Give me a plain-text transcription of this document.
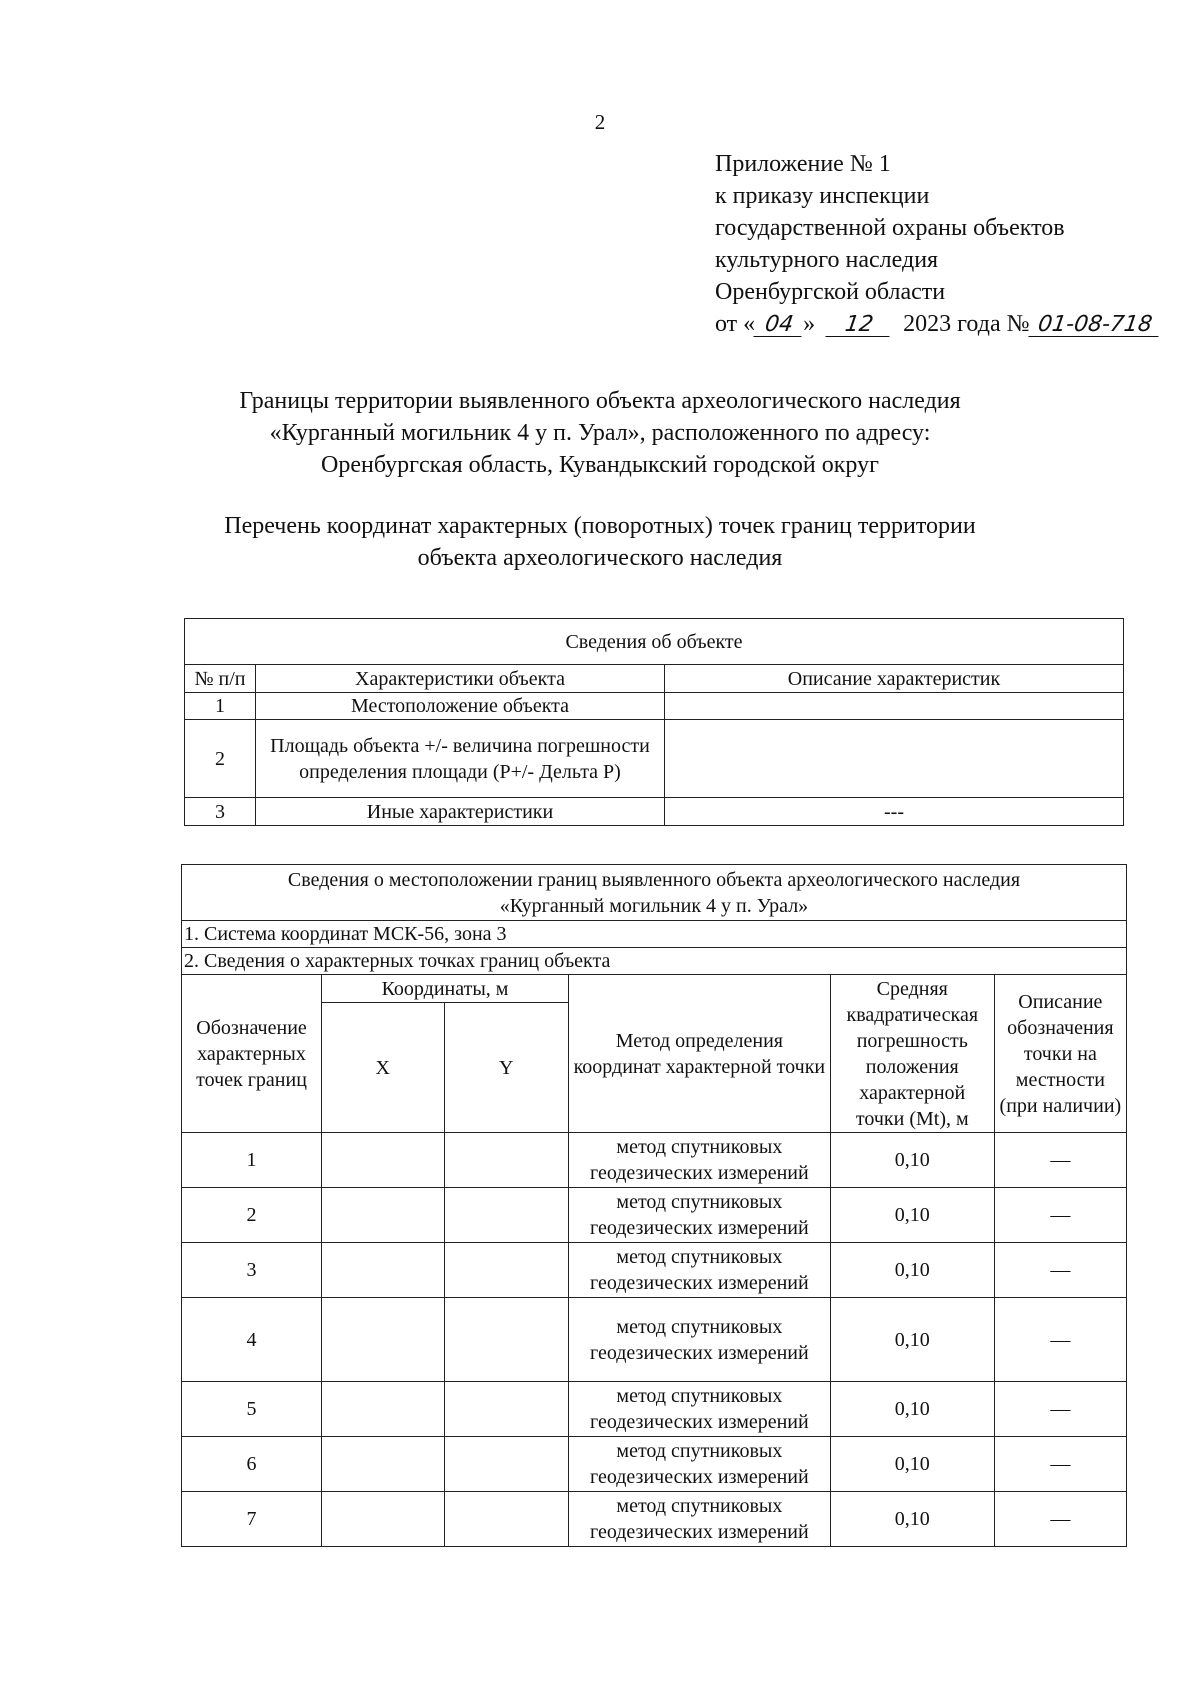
2
Приложение № 1
к приказу инспекции
государственной охраны объектов
культурного наследия
Оренбургской области
от « 04 » 12 2023 года № 01-08-718
Границы территории выявленного объекта археологического наследия
«Курганный могильник 4 у п. Урал», расположенного по адресу:
Оренбургская область, Кувандыкский городской округ
Перечень координат характерных (поворотных) точек границ территории
объекта археологического наследия
Сведения об объекте		
№ п/п	Характеристики объекта	Описание характеристик
1	Местоположение объекта	
2	Площадь объекта +/- величина погрешности определения площади (Р+/- Дельта Р)	
3	Иные характеристики	---
Сведения о местоположении границ выявленного объекта археологического наследия
«Курганный могильник 4 у п. Урал»					

1. Система координат МСК-56, зона 3					
2. Сведения о характерных точках границ объекта					
Обозначение характерных точек границ	Координаты, м		Метод определения координат характерной точки	Средняя квадратическая погрешность положения характерной точки (Mt), м	Описание обозначения точки на местности (при наличии)
	X	Y			
1			метод спутниковых геодезических измерений	0,10	—
2			метод спутниковых геодезических измерений	0,10	—
3			метод спутниковых геодезических измерений	0,10	—
4			метод спутниковых геодезических измерений	0,10	—
5			метод спутниковых геодезических измерений	0,10	—
6			метод спутниковых геодезических измерений	0,10	—
7			метод спутниковых геодезических измерений	0,10	—
